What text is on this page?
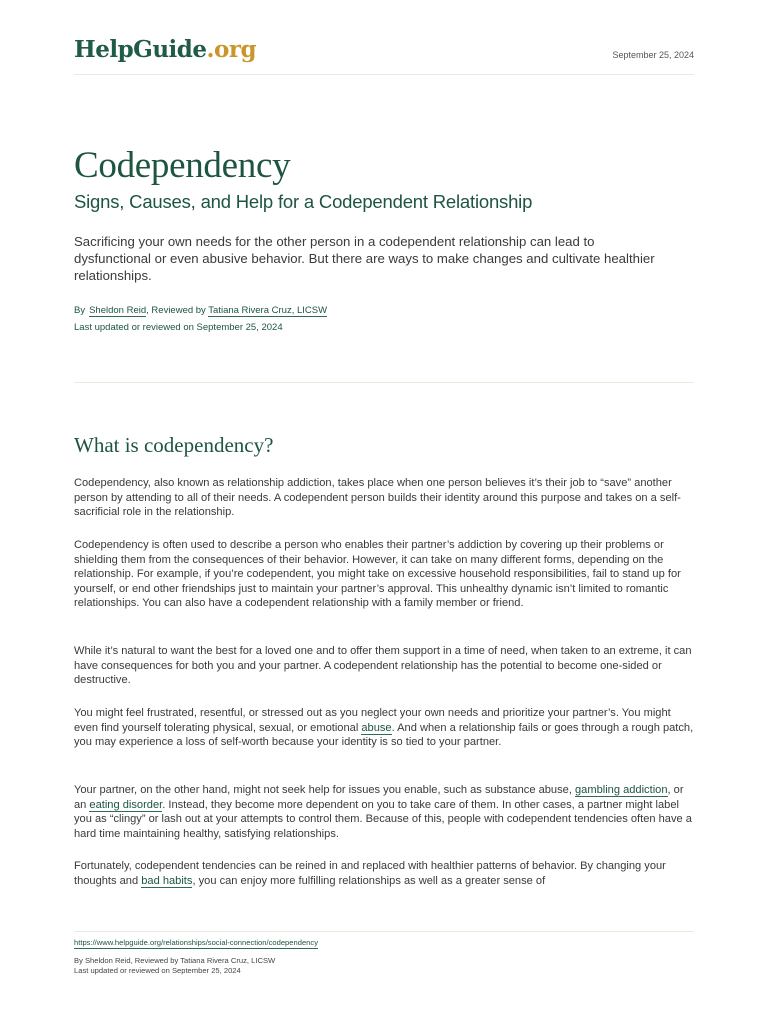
HelpGuide.org	September 25, 2024
Codependency
Signs, Causes, and Help for a Codependent Relationship

Sacrificing your own needs for the other person in a codependent relationship can lead to dysfunctional or even abusive behavior. But there are ways to make changes and cultivate healthier relationships.

By Sheldon Reid, Reviewed by Tatiana Rivera Cruz, LICSW
Last updated or reviewed on September 25, 2024
What is codependency?

Codependency, also known as relationship addiction, takes place when one person believes it’s their job to “save” another person by attending to all of their needs. A codependent person builds their identity around this purpose and takes on a self-sacrificial role in the relationship.

Codependency is often used to describe a person who enables their partner’s addiction by covering up their problems or shielding them from the consequences of their behavior. However, it can take on many different forms, depending on the relationship. For example, if you’re codependent, you might take on excessive household responsibilities, fail to stand up for yourself, or end other friendships just to maintain your partner’s approval. This unhealthy dynamic isn’t limited to romantic relationships. You can also have a codependent relationship with a family member or friend.

While it’s natural to want the best for a loved one and to offer them support in a time of need, when taken to an extreme, it can have consequences for both you and your partner. A codependent relationship has the potential to become one-sided or destructive.

You might feel frustrated, resentful, or stressed out as you neglect your own needs and prioritize your partner’s. You might even find yourself tolerating physical, sexual, or emotional abuse. And when a relationship fails or goes through a rough patch, you may experience a loss of self-worth because your identity is so tied to your partner.

Your partner, on the other hand, might not seek help for issues you enable, such as substance abuse, gambling addiction, or an eating disorder. Instead, they become more dependent on you to take care of them. In other cases, a partner might label you as “clingy” or lash out at your attempts to control them. Because of this, people with codependent tendencies often have a hard time maintaining healthy, satisfying relationships.

Fortunately, codependent tendencies can be reined in and replaced with healthier patterns of behavior. By changing your thoughts and bad habits, you can enjoy more fulfilling relationships as well as a greater sense of

https://www.helpguide.org/relationships/social-connection/codependency
By Sheldon Reid, Reviewed by Tatiana Rivera Cruz, LICSW
Last updated or reviewed on September 25, 2024
